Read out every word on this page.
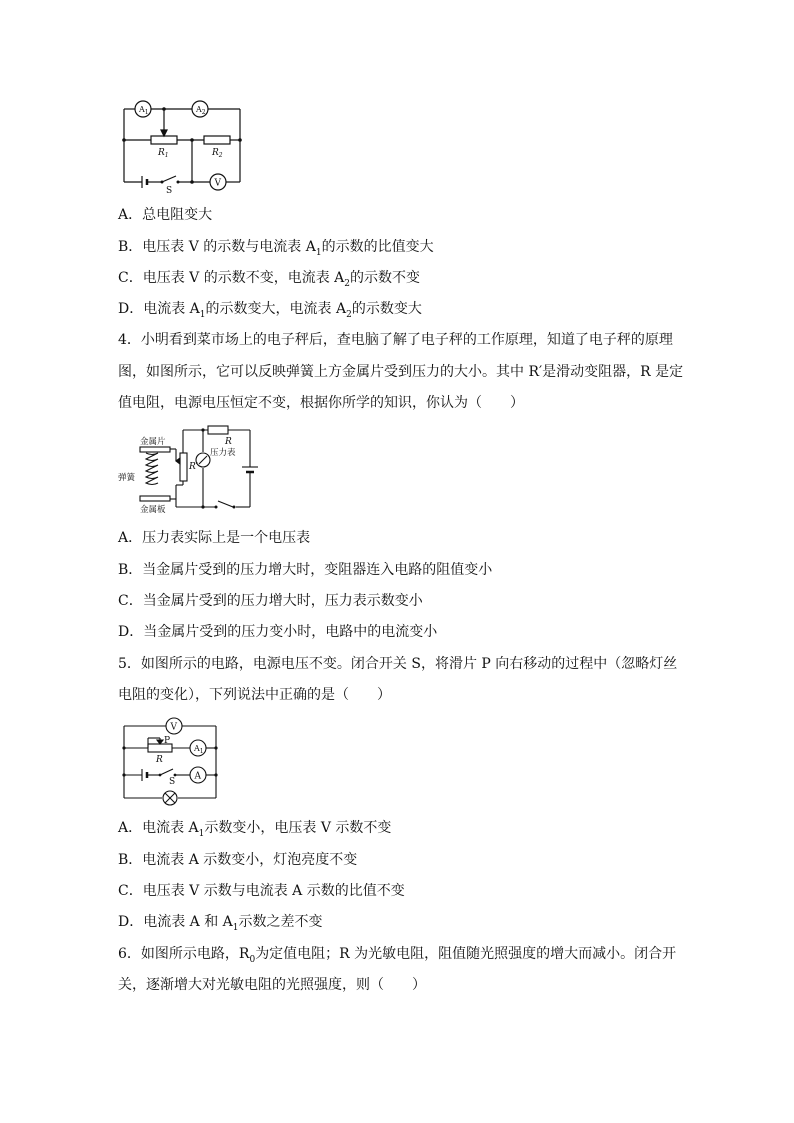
$A_1$	$A_2$
V
$R_1$	$R_2$
S
A．总电阻变大
B．电压表 V 的示数与电流表 $A_1$的示数的比值变大
C．电压表 V 的示数不变，电流表 $A_2$的示数不变
D．电流表 $A_1$的示数变大，电流表 $A_2$的示数变大
4．小明看到菜市场上的电子秤后，查电脑了解了电子秤的工作原理，知道了电子秤的原理
图，如图所示，它可以反映弹簧上方金属片受到压力的大小。其中 R′是滑动变阻器，R 是定
值电阻，电源电压恒定不变，根据你所学的知识，你认为（　　）
金属片
弹簧
金属板
压力表
R
R′
A．压力表实际上是一个电压表
B．当金属片受到的压力增大时，变阻器连入电路的阻值变小
C．当金属片受到的压力增大时，压力表示数变小
D．当金属片受到的压力变小时，电路中的电流变小
5．如图所示的电路，电源电压不变。闭合开关 S，将滑片 P 向右移动的过程中（忽略灯丝
电阻的变化），下列说法中正确的是（　　）
V
$A_1$
A
P
R
S
A．电流表 $A_1$示数变小，电压表 V 示数不变
B．电流表 A 示数变小，灯泡亮度不变
C．电压表 V 示数与电流表 A 示数的比值不变
D．电流表 A 和 $A_1$示数之差不变
6．如图所示电路，$R_0$为定值电阻；R 为光敏电阻，阻值随光照强度的增大而减小。闭合开
关，逐渐增大对光敏电阻的光照强度，则（　　）
